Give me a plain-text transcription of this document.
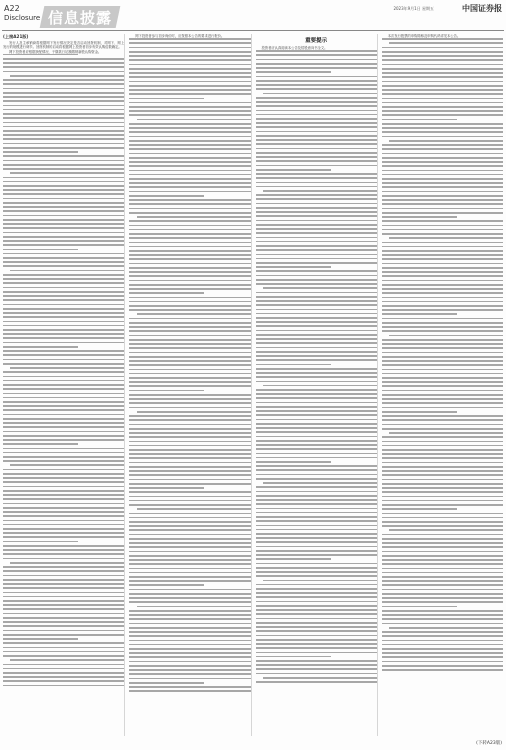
A22
Disclosure 信息披露
2023年9月1日 星期五	中国证券报
(上接A21版)

发行人及主承销商将根据网下发行情况决定是否启动回拨机制，对网下、网上发行的规模进行调节。回拨机制的启动将根据网上投资者初步有效认购倍数确定。

网下投资者应根据获配情况，于缴款日足额缴纳新股认购资金。

网下投资者参与初步询价时，应按照本公告的要求进行报价。

重要提示

投资者应认真阅读本公告及招股意向书全文。

本次发行股票的申购简称及申购代码详见本公告。

(下转A23版)
